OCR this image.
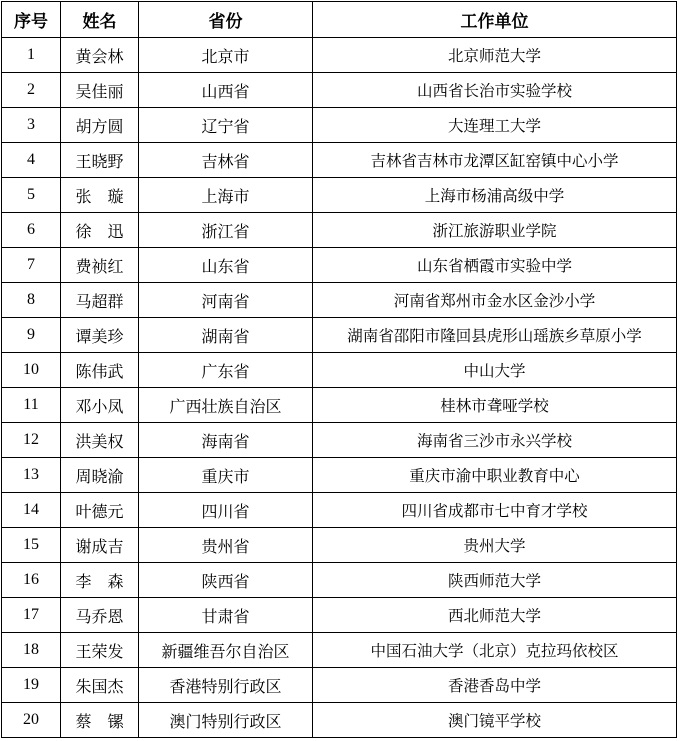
序号	姓名	省份	工作单位
1	黄会林	北京市	北京师范大学
2	吴佳丽	山西省	山西省长治市实验学校
3	胡方圆	辽宁省	大连理工大学
4	王晓野	吉林省	吉林省吉林市龙潭区缸窑镇中心小学
5	张　璇	上海市	上海市杨浦高级中学
6	徐　迅	浙江省	浙江旅游职业学院
7	费祯红	山东省	山东省栖霞市实验中学
8	马超群	河南省	河南省郑州市金水区金沙小学
9	谭美珍	湖南省	湖南省邵阳市隆回县虎形山瑶族乡草原小学
10	陈伟武	广东省	中山大学
11	邓小凤	广西壮族自治区	桂林市聋哑学校
12	洪美权	海南省	海南省三沙市永兴学校
13	周晓渝	重庆市	重庆市渝中职业教育中心
14	叶德元	四川省	四川省成都市七中育才学校
15	谢成吉	贵州省	贵州大学
16	李　森	陕西省	陕西师范大学
17	马乔恩	甘肃省	西北师范大学
18	王荣发	新疆维吾尔自治区	中国石油大学（北京）克拉玛依校区
19	朱国杰	香港特别行政区	香港香岛中学
20	蔡　镙	澳门特别行政区	澳门镜平学校
